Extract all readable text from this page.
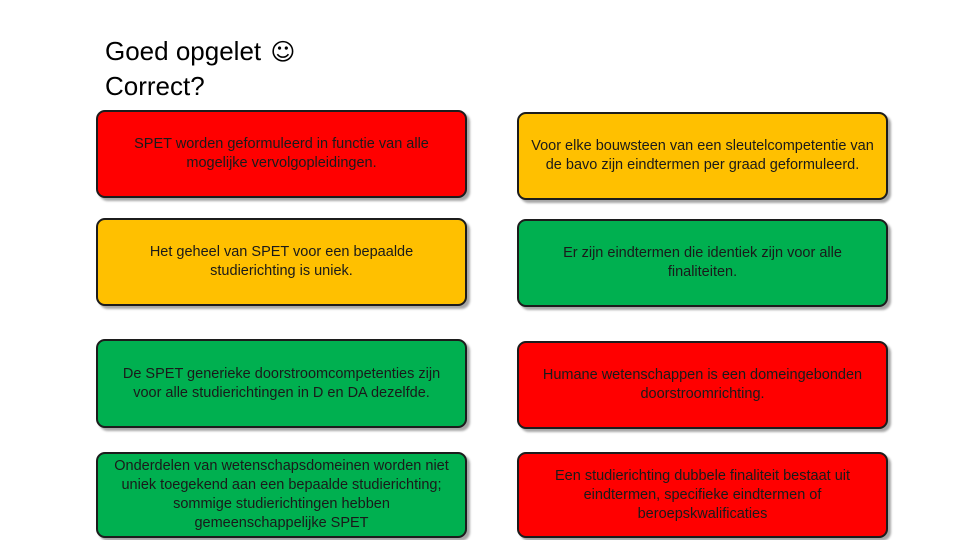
Goed opgelet ☺
Correct?
SPET worden geformuleerd in functie van alle mogelijke vervolgopleidingen.
Voor elke bouwsteen van een sleutelcompetentie van de bavo zijn eindtermen per graad geformuleerd.
Het geheel van SPET voor een bepaalde studierichting is uniek.
Er zijn eindtermen die identiek zijn voor alle finaliteiten.
De SPET generieke doorstroomcompetenties zijn voor alle studierichtingen in D en DA dezelfde.
Humane wetenschappen is een domeingebonden doorstroomrichting.
Onderdelen van wetenschapsdomeinen worden niet uniek toegekend aan een bepaalde studierichting; sommige studierichtingen hebben gemeenschappelijke SPET
Een studierichting dubbele finaliteit bestaat uit eindtermen, specifieke eindtermen of beroepskwalificaties
